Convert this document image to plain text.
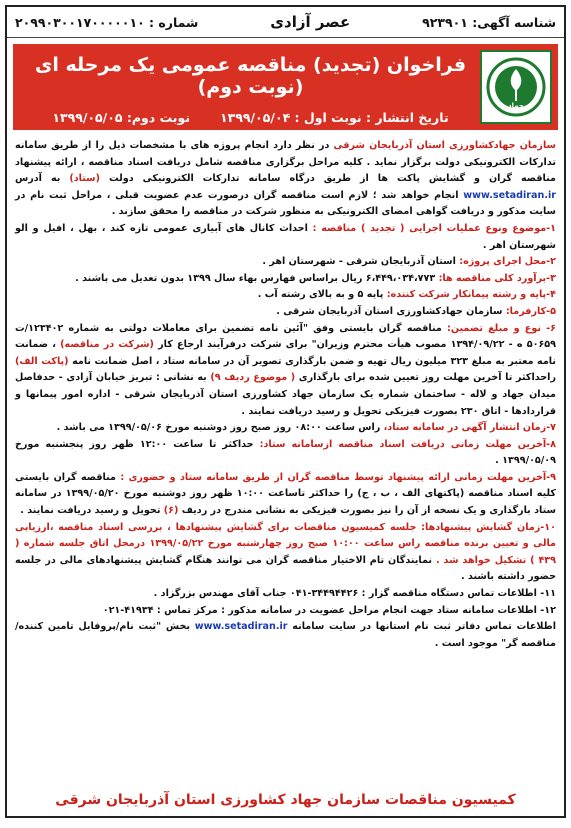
شناسه آگهی: ۹۲۳۹۰۱
عصر آزادی
شماره : ۲۰۹۹۰۳۰۰۱۷۰۰۰۰۰۱۰
جهاد
فراخوان (تجدید) مناقصه عمومی یک مرحله ای (نوبت دوم)
تاریخ انتشار : نوبت اول : ۱۳۹۹/۰۵/۰۴
نوبت دوم: ۱۳۹۹/۰۵/۰۵

سازمان جهادکشاورزی استان آذربایجان شرقی در نظر دارد انجام پروژه های با مشخصات ذیل را از طریق سامانه تدارکات الکترونیکی دولت برگزار نماید . کلیه مراحل برگزاری مناقصه شامل دریافت اسناد مناقصه ، ارائه پیشنهاد مناقصه گران و گشایش پاکت ها از طریق درگاه سامانه تدارکات الکترونیکی دولت (ستاد) به آدرس www.setadiran.ir انجام خواهد شد ؛ لازم است مناقصه گران درصورت عدم عضویت قبلی ، مراحل ثبت نام در سایت مذکور و دریافت گواهی امضای الکترونیکی به منظور شرکت در مناقصه را محقق سازند .

۱-موضوع ونوع عملیات اجرایی ( تجدید ) مناقصه : احداث کانال های آبیاری عمومی تازه کند ، بهل ، افیل و الو شهرستان اهر .

۲-محل اجرای پروژه: استان آذربایجان شرقی - شهرستان اهر .

۳-برآورد کلی مناقصه ها: ۶،۴۴۹،۰۳۴،۷۷۳ ریال براساس فهارس بهاء سال ۱۳۹۹ بدون تعدیل می باشند .

۴-پایه و رشته پیمانکار شرکت کننده: پایه ۵ و به بالای رشته آب .

۵-کارفرما: سازمان جهادکشاورزی استان آذربایجان شرقی .

۶- نوع و مبلغ تضمین: مناقصه گران بایستی وفق "آئین نامه تضمین برای معاملات دولتی به شماره ۱۲۳۴۰۲/ت ۵۰۶۵۹ ه - ۱۳۹۴/۰۹/۲۲ مصوب هیأت محترم وزیران" برای شرکت درفرآیند ارجاع کار (شرکت در مناقصه) ، ضمانت نامه معتبر به مبلغ ۳۲۳ میلیون ریال تهیه و ضمن بارگذاری تصویر آن در سامانه ستاد ، اصل ضمانت نامه (پاکت الف) راحداکثر تا آخرین مهلت روز تعیین شده برای بارگذاری ( موضوع ردیف ۹) به نشانی : تبریز خیابان آزادی - حدفاصل میدان جهاد و لاله - ساختمان شماره یک سازمان جهاد کشاورزی استان آذربایجان شرقی - اداره امور پیمانها و قراردادها - اتاق ۲۳۰ بصورت فیزیکی تحویل و رسید دریافت نمایند .

۷-زمان انتشار آگهی در سامانه ستاد، راس ساعت ۰۸:۰۰ روز صبح روز دوشنبه مورخ ۱۳۹۹/۰۵/۰۶ می باشد .

۸-آخرین مهلت زمانی دریافت اسناد مناقصه ازسامانه ستاد: حداکثر تا ساعت ۱۲:۰۰ ظهر روز پنجشنبه مورخ ۱۳۹۹/۰۵/۰۹ .

۹-آخرین مهلت زمانی ارائه پیشنهاد توسط مناقصه گران از طریق سامانه ستاد و حضوری : مناقصه گران بایستی کلیه اسناد مناقصه (پاکتهای الف ، ب ، ج) را حداکثر تاساعت ۱۰:۰۰ ظهر روز دوشنبه مورخ ۱۳۹۹/۰۵/۲۰ در سامانه ستاد بارگذاری و یک نسخه از آن را نیز بصورت فیزیکی به نشانی مندرج در ردیف (۶) تحویل و رسید دریافت نمایند .

۱۰-زمان گشایش پیشنهادها: جلسه کمیسیون مناقصات برای گشایش پیشنهادها ، بررسی اسناد مناقصه ،ارزیابی مالی و تعیین برنده مناقصه راس ساعت ۱۰:۰۰ صبح روز چهارشنبه مورخ ۱۳۹۹/۰۵/۲۲ درمحل اتاق جلسه شماره ( ۴۳۹ ) تشکیل خواهد شد . نمایندگان تام الاختیار مناقصه گران می توانند هنگام گشایش پیشنهادهای مالی در جلسه حضور داشته باشند .

۱۱- اطلاعات تماس دستگاه مناقصه گزار : ۳۴۴۹۴۴۲۶-۰۴۱ جناب آقای مهندس بزرگزاد .

۱۲- اطلاعات سامانه ستاد جهت انجام مراحل عضویت در سامانه مذکور : مرکز تماس : ۴۱۹۳۴-۰۲۱

اطلاعات تماس دفاتر ثبت نام استانها در سایت سامانه www.setadiran.ir بخش "ثبت نام/پروفایل تامین کننده/ مناقصه گر" موجود است .

کمیسیون مناقصات سازمان جهاد کشاورزی استان آذربایجان شرقی
